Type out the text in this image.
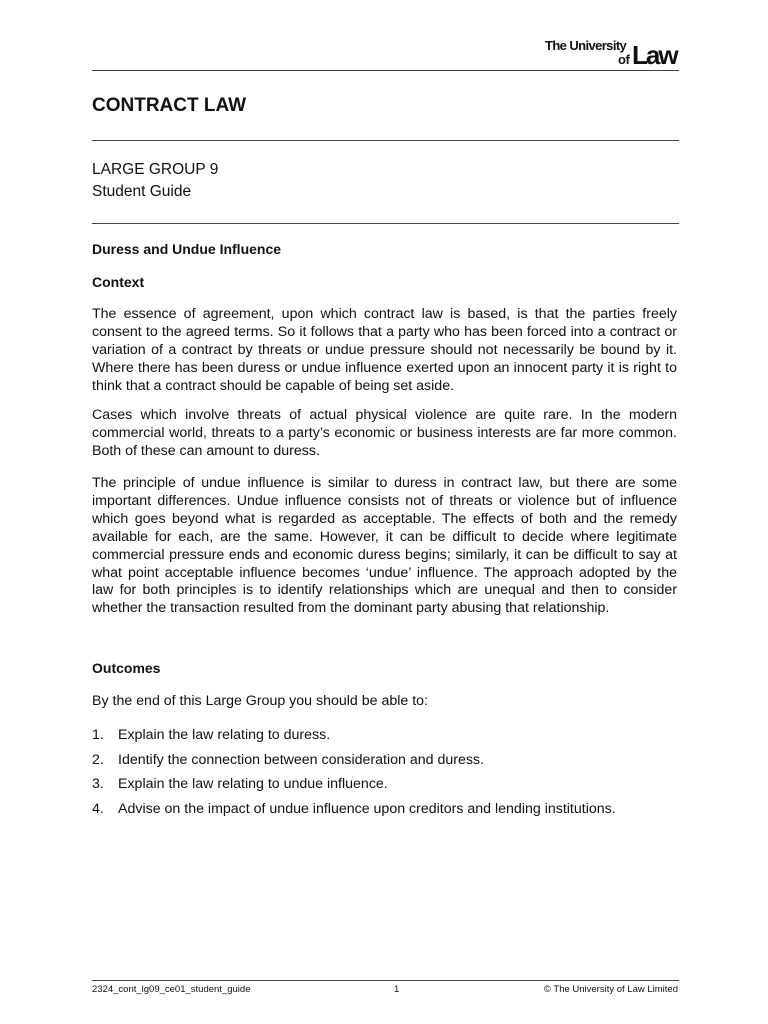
The University
of Law
CONTRACT LAW
LARGE GROUP 9
Student Guide
Duress and Undue Influence
Context

The essence of agreement, upon which contract law is based, is that the parties freely consent to the agreed terms. So it follows that a party who has been forced into a contract or variation of a contract by threats or undue pressure should not necessarily be bound by it. Where there has been duress or undue influence exerted upon an innocent party it is right to think that a contract should be capable of being set aside.

Cases which involve threats of actual physical violence are quite rare. In the modern commercial world, threats to a party’s economic or business interests are far more common. Both of these can amount to duress.

The principle of undue influence is similar to duress in contract law, but there are some important differences. Undue influence consists not of threats or violence but of influence which goes beyond what is regarded as acceptable. The effects of both and the remedy available for each, are the same. However, it can be difficult to decide where legitimate commercial pressure ends and economic duress begins; similarly, it can be difficult to say at what point acceptable influence becomes ‘undue’ influence. The approach adopted by the law for both principles is to identify relationships which are unequal and then to consider whether the transaction resulted from the dominant party abusing that relationship.

Outcomes

By the end of this Large Group you should be able to:

1. Explain the law relating to duress.
2. Identify the connection between consideration and duress.
3. Explain the law relating to undue influence.
4. Advise on the impact of undue influence upon creditors and lending institutions.
2324_cont_lg09_ce01_student_guide	1	© The University of Law Limited
